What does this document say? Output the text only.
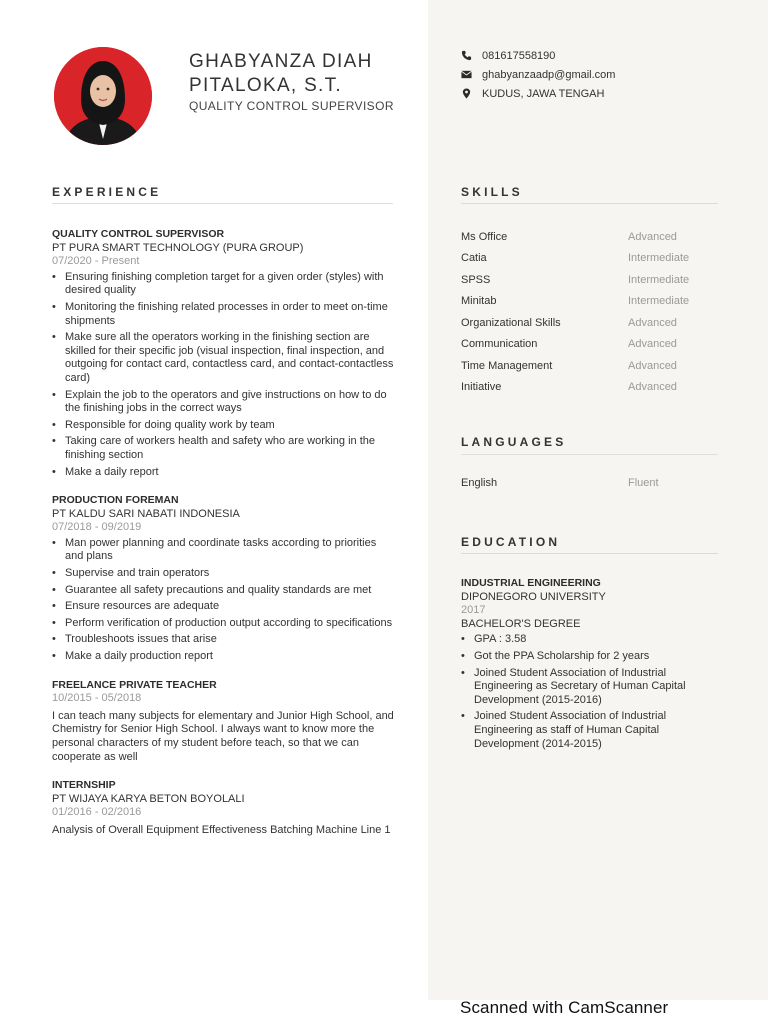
GHABYANZA DIAH PITALOKA, S.T.
QUALITY CONTROL SUPERVISOR
081617558190
ghabyanzaadp@gmail.com
KUDUS, JAWA TENGAH
EXPERIENCE
QUALITY CONTROL SUPERVISOR
PT PURA SMART TECHNOLOGY (PURA GROUP)
07/2020 - Present
• Ensuring finishing completion target for a given order (styles) with desired quality
• Monitoring the finishing related processes in order to meet on-time shipments
• Make sure all the operators working in the finishing section are skilled for their specific job (visual inspection, final inspection, and outgoing for contact card, contactless card, and contact-contactless card)
• Explain the job to the operators and give instructions on how to do the finishing jobs in the correct ways
• Responsible for doing quality work by team
• Taking care of workers health and safety who are working in the finishing section
• Make a daily report
PRODUCTION FOREMAN
PT KALDU SARI NABATI INDONESIA
07/2018 - 09/2019
• Man power planning and coordinate tasks according to priorities and plans
• Supervise and train operators
• Guarantee all safety precautions and quality standards are met
• Ensure resources are adequate
• Perform verification of production output according to specifications
• Troubleshoots issues that arise
• Make a daily production report
FREELANCE PRIVATE TEACHER
10/2015 - 05/2018
I can teach many subjects for elementary and Junior High School, and Chemistry for Senior High School. I always want to know more the personal characters of my student before teach, so that we can cooperate as well
INTERNSHIP
PT WIJAYA KARYA BETON BOYOLALI
01/2016 - 02/2016
Analysis of Overall Equipment Effectiveness Batching Machine Line 1
SKILLS
Ms Office	Advanced
Catia	Intermediate
SPSS	Intermediate
Minitab	Intermediate
Organizational Skills	Advanced
Communication	Advanced
Time Management	Advanced
Initiative	Advanced
LANGUAGES
English	Fluent
EDUCATION
INDUSTRIAL ENGINEERING
DIPONEGORO UNIVERSITY
2017
BACHELOR'S DEGREE
• GPA : 3.58
• Got the PPA Scholarship for 2 years
• Joined Student Association of Industrial Engineering as Secretary of Human Capital Development (2015-2016)
• Joined Student Association of Industrial Engineering as staff of Human Capital Development (2014-2015)
Scanned with CamScanner
